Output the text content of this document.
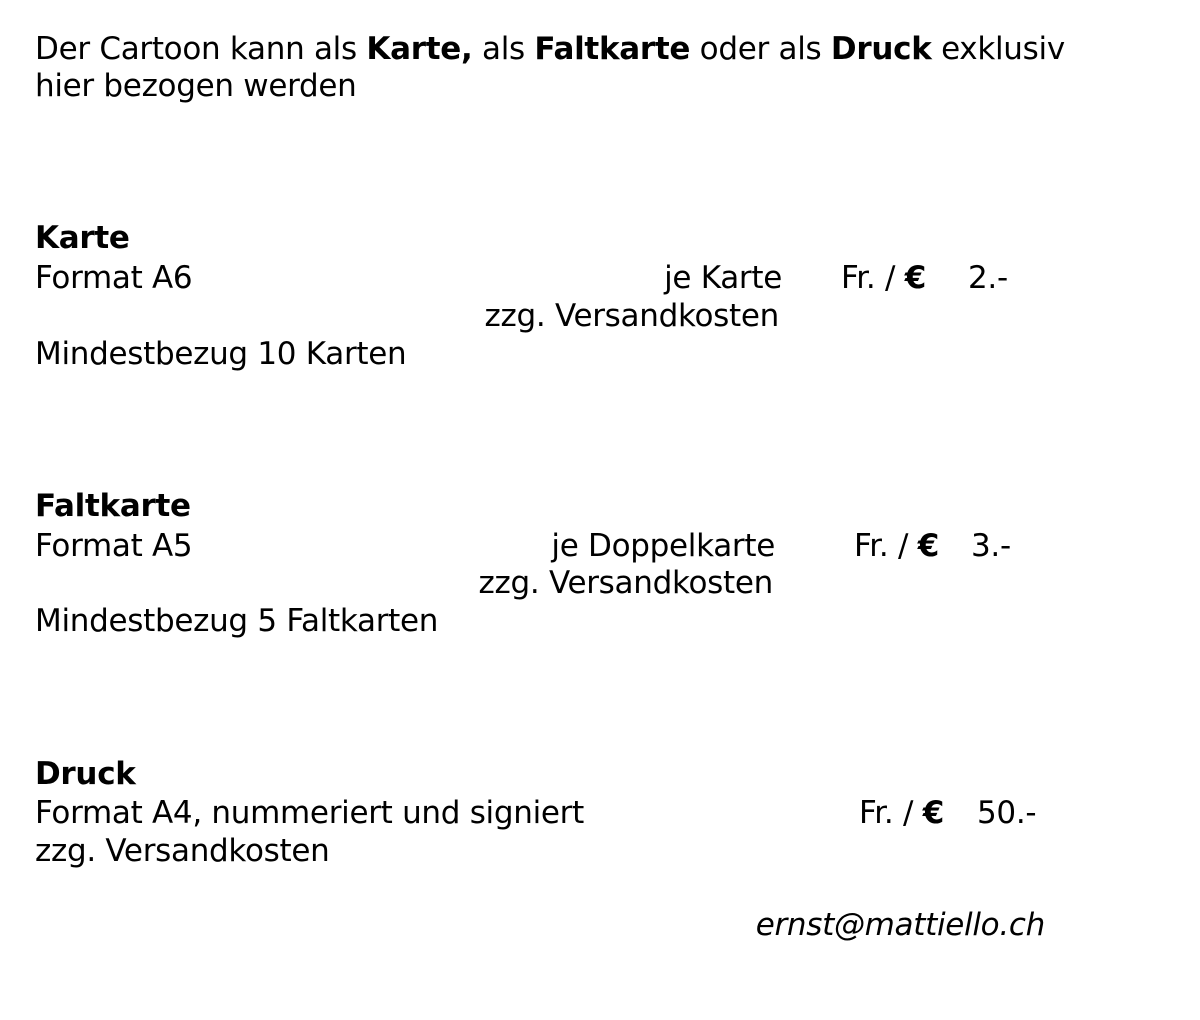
Der Cartoon kann als Karte, als Faltkarte oder als Druck exklusiv
hier bezogen werden
Karte
Format A6	je Karte Fr. / € 2.-
zzg. Versandkosten
Mindestbezug 10 Karten
Faltkarte
Format A5	je Doppelkarte	Fr. / € 3.-
zzg. Versandkosten
Mindestbezug 5 Faltkarten
Druck
Format A4, nummeriert und signiert	Fr. / € 50.-
zzg. Versandkosten
ernst@mattiello.ch
